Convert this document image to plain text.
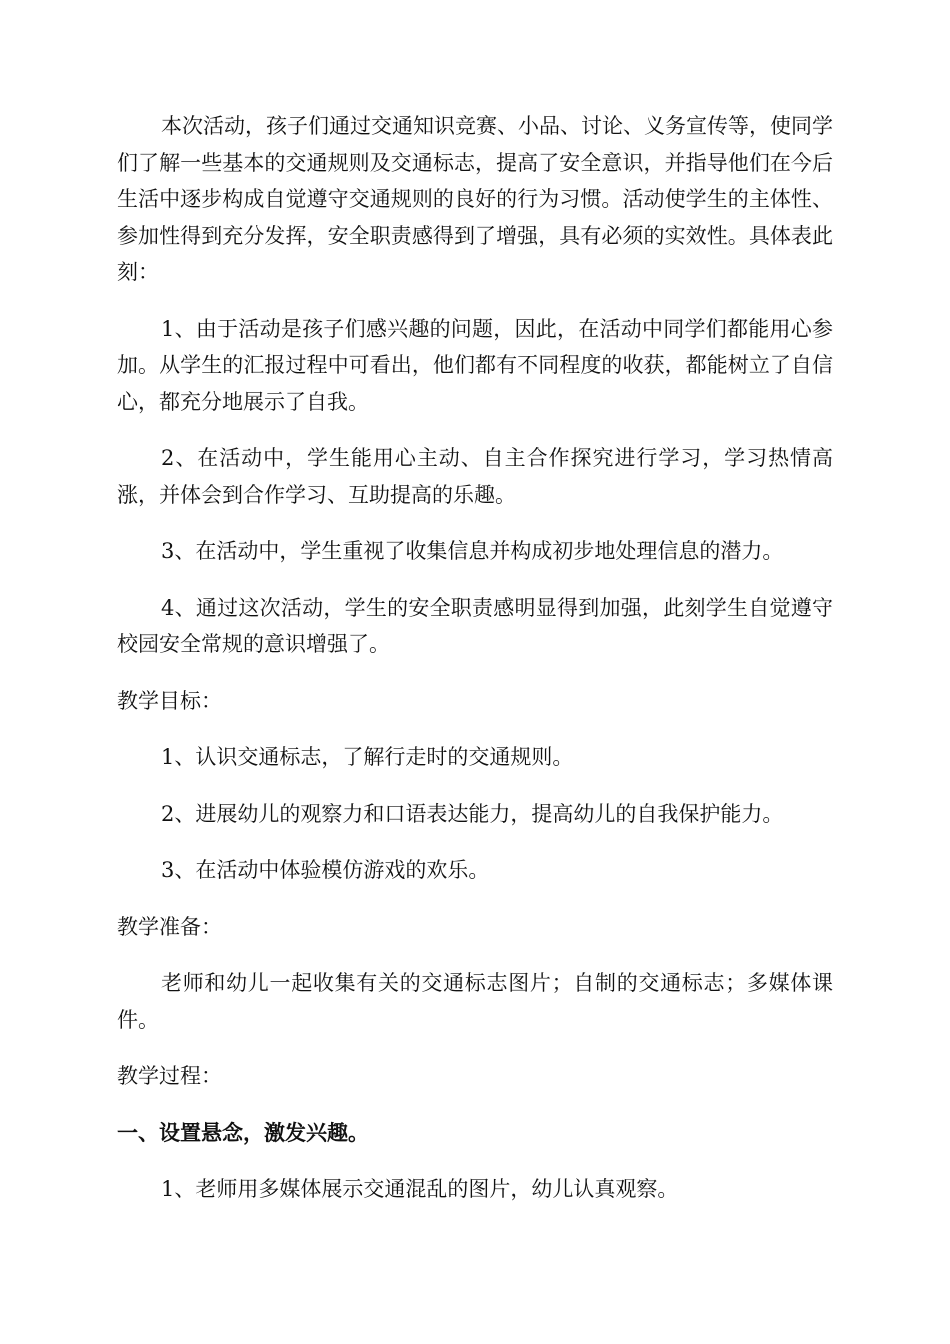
本次活动，孩子们通过交通知识竞赛、小品、讨论、义务宣传等，使同学们了解一些基本的交通规则及交通标志，提高了安全意识，并指导他们在今后生活中逐步构成自觉遵守交通规则的良好的行为习惯。活动使学生的主体性、参加性得到充分发挥，安全职责感得到了增强，具有必须的实效性。具体表此刻：

1、由于活动是孩子们感兴趣的问题，因此，在活动中同学们都能用心参加。从学生的汇报过程中可看出，他们都有不同程度的收获，都能树立了自信心，都充分地展示了自我。

2、在活动中，学生能用心主动、自主合作探究进行学习，学习热情高涨，并体会到合作学习、互助提高的乐趣。

3、在活动中，学生重视了收集信息并构成初步地处理信息的潜力。

4、通过这次活动，学生的安全职责感明显得到加强，此刻学生自觉遵守校园安全常规的意识增强了。

教学目标：

1、认识交通标志，了解行走时的交通规则。

2、进展幼儿的观察力和口语表达能力，提高幼儿的自我保护能力。

3、在活动中体验模仿游戏的欢乐。

教学准备：

老师和幼儿一起收集有关的交通标志图片；自制的交通标志；多媒体课件。

教学过程：

一、设置悬念，激发兴趣。

1、老师用多媒体展示交通混乱的图片，幼儿认真观察。
